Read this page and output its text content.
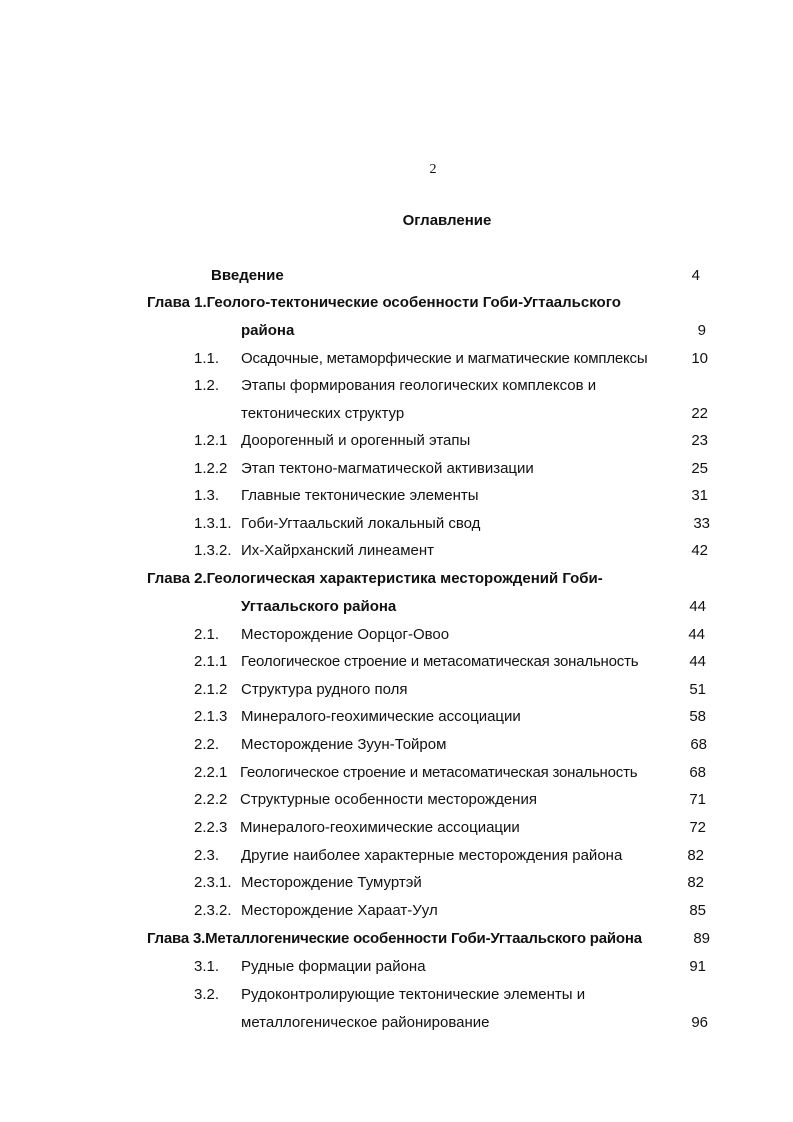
2
Оглавление
Введение	4
Глава 1.Геолого-тектонические особенности Гоби-Угтаальского
района	9
1.1. Осадочные, метаморфические и магматические комплексы	10
1.2. Этапы формирования геологических комплексов и
тектонических структур	22
1.2.1 Доорогенный и орогенный этапы	23
1.2.2 Этап тектоно-магматической активизации	25
1.3. Главные тектонические элементы	31
1.3.1. Гоби-Угтаальский локальный свод	33
1.3.2. Их-Хайрханский линеамент	42
Глава 2.Геологическая характеристика месторождений Гоби-
Угтаальского района	44
2.1. Месторождение Оорцог-Овоо	44
2.1.1 Геологическое строение и метасоматическая зональность	44
2.1.2 Структура рудного поля	51
2.1.3 Минералого-геохимические ассоциации	58
2.2. Месторождение Зуун-Тойром	68
2.2.1 Геологическое строение и метасоматическая зональность	68
2.2.2 Структурные особенности месторождения	71
2.2.3 Минералого-геохимические ассоциации	72
2.3. Другие наиболее характерные месторождения района	82
2.3.1. Месторождение Тумуртэй	82
2.3.2. Месторождение Хараат-Уул	85
Глава 3.Металлогенические особенности Гоби-Угтаальского района	89
3.1. Рудные формации района	91
3.2. Рудоконтролирующие тектонические элементы и
металлогеническое районирование	96
